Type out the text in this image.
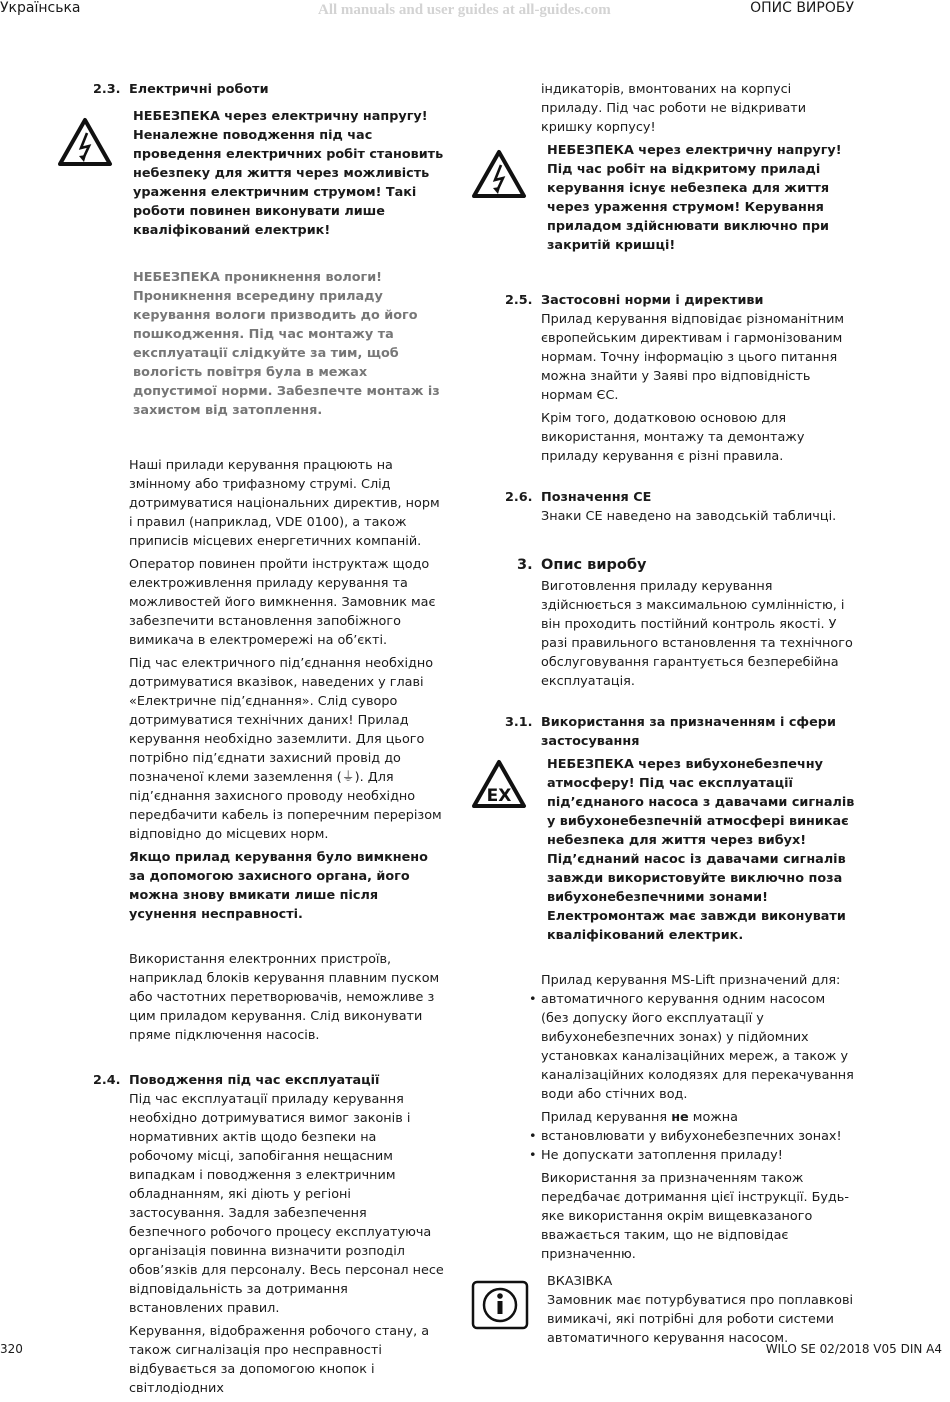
Українська	All manuals and user guides at all-guides.com	ОПИС ВИРОБУ
2.3. Електричні роботи
НЕБЕЗПЕКА через електричну напругу! Неналежне поводження під час проведення електричних робіт становить небезпеку для життя через можливість ураження електричним струмом! Такі роботи повинен виконувати лише кваліфікований електрик!
НЕБЕЗПЕКА проникнення вологи! Проникнення всередину приладу керування вологи призводить до його пошкодження. Під час монтажу та експлуатації слідкуйте за тим, щоб вологість повітря була в межах допустимої норми. Забезпечте монтаж із захистом від затоплення.

Наші прилади керування працюють на змінному або трифазному струмі. Слід дотримуватися національних директив, норм і правил (наприклад, VDE 0100), а також приписів місцевих енергетичних компаній.

Оператор повинен пройти інструктаж щодо електроживлення приладу керування та можливостей його вимкнення. Замовник має забезпечити встановлення запобіжного вимикача в електромережі на об’єкті.

Під час електричного під’єднання необхідно дотримуватися вказівок, наведених у главі «Електричне під’єднання». Слід суворо дотримуватися технічних даних! Прилад керування необхідно заземлити. Для цього потрібно під’єднати захисний провід до позначеної клеми заземлення (⏚). Для під’єднання захисного проводу необхідно передбачити кабель із поперечним перерізом відповідно до місцевих норм.

Якщо прилад керування було вимкнено за допомогою захисного органа, його можна знову вмикати лише після усунення несправності.

Використання електронних пристроїв, наприклад блоків керування плавним пуском або частотних перетворювачів, неможливе з цим приладом керування. Слід виконувати пряме підключення насосів.

2.4. Поводження під час експлуатації

Під час експлуатації приладу керування необхідно дотримуватися вимог законів і нормативних актів щодо безпеки на робочому місці, запобігання нещасним випадкам і поводження з електричним обладнанням, які діють у регіоні застосування. Задля забезпечення безпечного робочого процесу експлуатуюча організація повинна визначити розподіл обов’язків для персоналу. Весь персонал несе відповідальність за дотримання встановлених правил.

Керування, відображення робочого стану, а також сигналізація про несправності відбувається за допомогою кнопок і світлодіодних

індикаторів, вмонтованих на корпусі приладу. Під час роботи не відкривати кришку корпусу!

НЕБЕЗПЕКА через електричну напругу! Під час робіт на відкритому приладі керування існує небезпека для життя через ураження струмом! Керування приладом здійснювати виключно при закритій кришці!
2.5. Застосовні норми і директиви

Прилад керування відповідає різноманітним європейським директивам і гармонізованим нормам. Точну інформацію з цього питання можна знайти у Заяві про відповідність нормам ЄС.

Крім того, додатковою основою для використання, монтажу та демонтажу приладу керування є різні правила.

2.6. Позначення CE

Знаки CE наведено на заводській табличці.

3. Опис виробу

Виготовлення приладу керування здійснюється з максимальною сумлінністю, і він проходить постійний контроль якості. У разі правильного встановлення та технічного обслуговування гарантується безперебійна експлуатація.

3.1. Використання за призначенням і сфери застосування
EX
НЕБЕЗПЕКА через вибухонебезпечну атмосферу! Під час експлуатації під’єднаного насоса з давачами сигналів у вибухонебезпечній атмосфері виникає небезпека для життя через вибух! Під’єднаний насос із давачами сигналів завжди використовуйте виключно поза вибухонебезпечними зонами! Електромонтаж має завжди виконувати кваліфікований електрик.

Прилад керування MS-Lift призначений для:

• автоматичного керування одним насосом (без допуску його експлуатації у вибухонебезпечних зонах) у підйомних установках каналізаційних мереж, а також у каналізаційних колодязях для перекачування води або стічних вод.

Прилад керування не можна

• встановлювати у вибухонебезпечних зонах!
• Не допускати затоплення приладу!

Використання за призначенням також передбачає дотримання цієї інструкції. Будь-яке використання окрім вищевказаного вважається таким, що не відповідає призначенню.

ВКАЗІВКА
Замовник має потурбуватися про поплавкові вимикачі, які потрібні для роботи системи автоматичного керування насосом.
320	WILO SE 02/2018 V05 DIN A4
